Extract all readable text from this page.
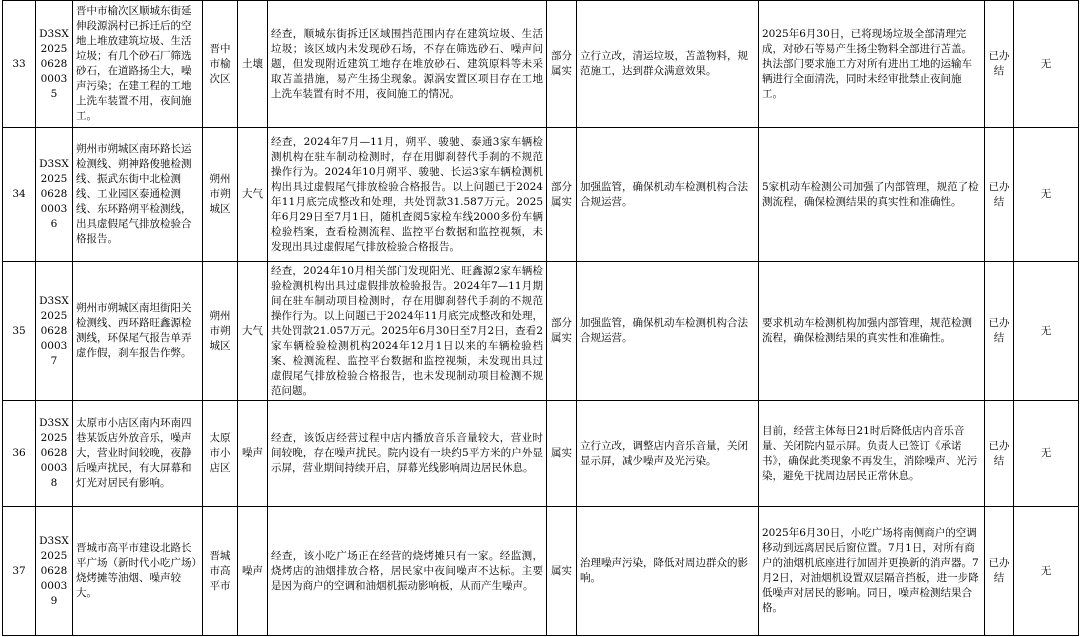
33	D3SX2025062800035	晋中市榆次区顺城东街延伸段源涡村已拆迁后的空地上堆放建筑垃圾、生活垃圾；有几个砂石厂筛选砂石，在道路扬尘大，噪声污染；在建工程的工地上洗车装置不用，夜间施工。	晋中市榆次区	土壤	经查，顺城东街拆迁区域围挡范围内存在建筑垃圾、生活垃圾；该区域内未发现砂石场，不存在筛选砂石、噪声问题，但发现附近建筑工地存在堆放砂石、建筑原料等未采取苫盖措施，易产生扬尘现象。源涡安置区项目存在工地上洗车装置有时不用，夜间施工的情况。	部分属实	立行立改，清运垃圾，苫盖物料，规范施工，达到群众满意效果。	2025年6月30日，已将现场垃圾全部清理完成，对砂石等易产生扬尘物料全部进行苫盖。执法部门要求施工方对所有进出工地的运输车辆进行全面清洗，同时未经审批禁止夜间施工。	已办结	无
34	D3SX2025062800036	朔州市朔城区南环路长运检测线、朔神路俊驰检测线、振武东街中北检测线、工业园区泰通检测线、东环路朔平检测线，出具虚假尾气排放检验合格报告。	朔州市朔城区	大气	经查，2024年7月—11月，朔平、骏驰、泰通3家车辆检测机构在驻车制动检测时，存在用脚刹替代手刹的不规范操作行为。2024年10月朔平、骏驰、长运3家车辆检测机构出具过虚假尾气排放检验合格报告。以上问题已于2024年11月底完成整改和处理，共处罚款31.587万元。2025年6月29日至7月1日，随机查阅5家检车线2000多份车辆检验档案，查看检测流程、监控平台数据和监控视频，未发现出具过虚假尾气排放检验合格报告。	部分属实	加强监管，确保机动车检测机构合法合规运营。	5家机动车检测公司加强了内部管理，规范了检测流程，确保检测结果的真实性和准确性。	已办结	无
35	D3SX2025062800037	朔州市朔城区南坦街阳关检测线、西环路旺鑫源检测线，环保尾气报告单弄虚作假，刹车报告作弊。	朔州市朔城区	大气	经查，2024年10月相关部门发现阳光、旺鑫源2家车辆检验检测机构出具过虚假排放检验报告。2024年7—11月期间在驻车制动项目检测时，存在用脚刹替代手刹的不规范操作行为。以上问题已于2024年11月底完成整改和处理，共处罚款21.057万元。2025年6月30日至7月2日，查看2家车辆检验检测机构2024年12月1日以来的车辆检验档案、检测流程、监控平台数据和监控视频，未发现出具过虚假尾气排放检验合格报告，也未发现制动项目检测不规范问题。	部分属实	加强监管，确保机动车检测机构合法合规运营。	要求机动车检测机构加强内部管理，规范检测流程，确保检测结果的真实性和准确性。	已办结	无
36	D3SX2025062800038	太原市小店区南内环南四巷某饭店外放音乐，噪声大，营业时间较晚，夜静后噪声扰民，有大屏幕和灯光对居民有影响。	太原市小店区	噪声	经查，该饭店经营过程中店内播放音乐音量较大，营业时间较晚，存在噪声扰民。院内设有一块约5平方米的户外显示屏，营业期间持续开启，屏幕光线影响周边居民休息。	属实	立行立改，调整店内音乐音量，关闭显示屏，减少噪声及光污染。	目前，经营主体每日21时后降低店内音乐音量、关闭院内显示屏。负责人已签订《承诺书》，确保此类现象不再发生，消除噪声、光污染，避免干扰周边居民正常休息。	已办结	无
37	D3SX2025062800039	晋城市高平市建设北路长平广场（新时代小吃广场）烧烤摊等油烟、噪声较大。	晋城市高平市	噪声	经查，该小吃广场正在经营的烧烤摊只有一家。经监测，烧烤店的油烟排放合格，居民家中夜间噪声不达标。主要是因为商户的空调和油烟机振动影响板，从而产生噪声。	属实	治理噪声污染，降低对周边群众的影响。	2025年6月30日，小吃广场将南侧商户的空调移动到远离居民后窗位置。7月1日，对所有商户的油烟机底座进行加固并更换新的消声器。7月2日，对油烟机设置双层隔音挡板，进一步降低噪声对居民的影响。同日，噪声检测结果合格。	已办结	无
